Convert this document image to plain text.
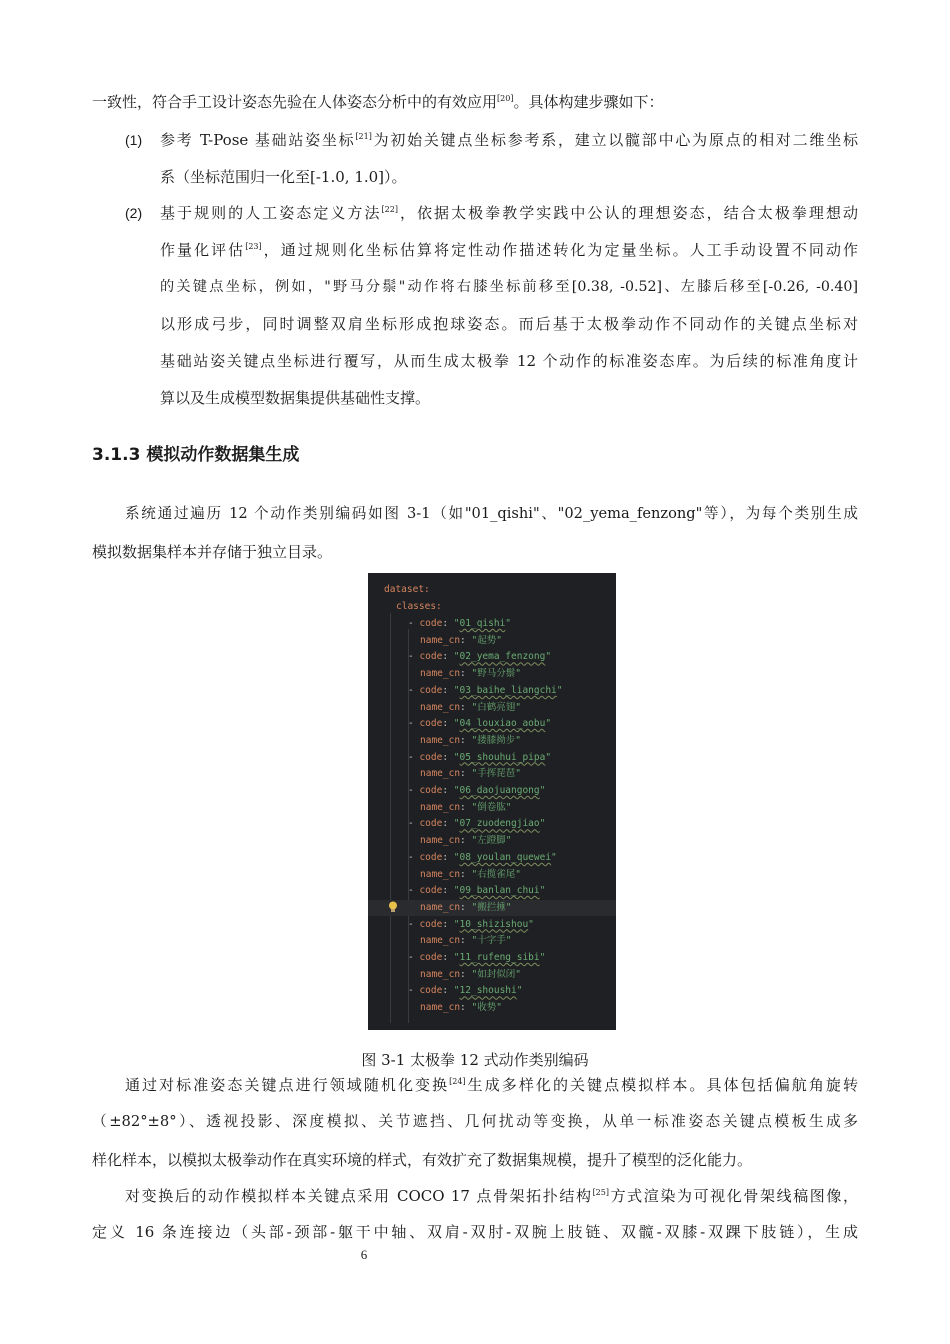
一致性，符合手工设计姿态先验在人体姿态分析中的有效应用[20]。具体构建步骤如下：
(1) 参考 T-Pose 基础站姿坐标[21]为初始关键点坐标参考系，建立以髋部中心为原点的相对二维坐标
系（坐标范围归一化至[-1.0, 1.0]）。
(2) 基于规则的人工姿态定义方法[22]，依据太极拳教学实践中公认的理想姿态，结合太极拳理想动
作量化评估[23]，通过规则化坐标估算将定性动作描述转化为定量坐标。人工手动设置不同动作
的关键点坐标，例如，"野马分鬃"动作将右膝坐标前移至[0.38, -0.52]、左膝后移至[-0.26, -0.40]
以形成弓步，同时调整双肩坐标形成抱球姿态。而后基于太极拳动作不同动作的关键点坐标对
基础站姿关键点坐标进行覆写，从而生成太极拳 12 个动作的标准姿态库。为后续的标准角度计
算以及生成模型数据集提供基础性支撑。
3.1.3 模拟动作数据集生成
系统通过遍历 12 个动作类别编码如图 3-1（如"01_qishi"、"02_yema_fenzong"等），为每个类别生成
模拟数据集样本并存储于独立目录。
dataset:
classes:
- code: "01_qishi"
name_cn: "起势"
- code: "02_yema_fenzong"
name_cn: "野马分鬃"
- code: "03_baihe_liangchi"
name_cn: "白鹤亮翅"
- code: "04_louxiao_aobu"
name_cn: "搂膝拗步"
- code: "05_shouhui_pipa"
name_cn: "手挥琵琶"
- code: "06_daojuangong"
name_cn: "倒卷肱"
- code: "07_zuodengjiao"
name_cn: "左蹬脚"
- code: "08_youlan_quewei"
name_cn: "右揽雀尾"
- code: "09_banlan_chui"
name_cn: "搬拦捶"
- code: "10_shizishou"
name_cn: "十字手"
- code: "11_rufeng_sibi"
name_cn: "如封似闭"
- code: "12_shoushi"
name_cn: "收势"
图 3-1 太极拳 12 式动作类别编码
通过对标准姿态关键点进行领域随机化变换[24]生成多样化的关键点模拟样本。具体包括偏航角旋转
（±82°±8°）、透视投影、深度模拟、关节遮挡、几何扰动等变换，从单一标准姿态关键点模板生成多
样化样本，以模拟太极拳动作在真实环境的样式，有效扩充了数据集规模，提升了模型的泛化能力。
对变换后的动作模拟样本关键点采用 COCO 17 点骨架拓扑结构[25]方式渲染为可视化骨架线稿图像，
定义 16 条连接边（头部-颈部-躯干中轴、双肩-双肘-双腕上肢链、双髋-双膝-双踝下肢链），生成
6
